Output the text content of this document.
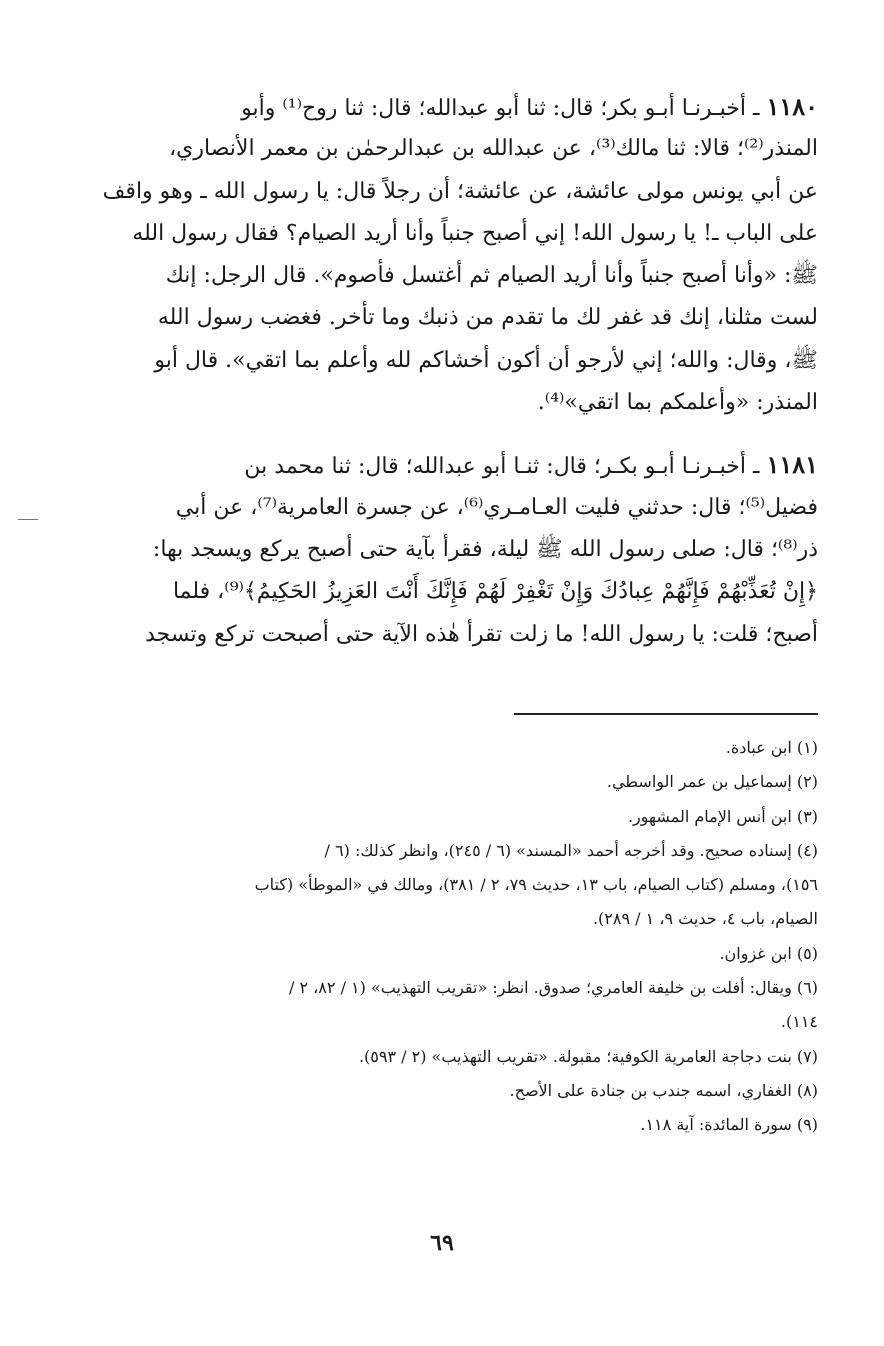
١١٨٠ ـ أخبـرنـا أبـو بكر؛ قال: ثنا أبو عبدالله؛ قال: ثنا روح⁽¹⁾ وأبو
المنذر⁽²⁾؛ قالا: ثنا مالك⁽³⁾، عن عبدالله بن عبدالرحمٰن بن معمر الأنصاري،
عن أبي يونس مولى عائشة، عن عائشة؛ أن رجلاً قال: يا رسول الله ـ وهو واقف
على الباب ـ! يا رسول الله! إني أصبح جنباً وأنا أريد الصيام؟ فقال رسول الله
ﷺ: «وأنا أصبح جنباً وأنا أريد الصيام ثم أغتسل فأصوم». قال الرجل: إنك
لست مثلنا، إنك قد غفر لك ما تقدم من ذنبك وما تأخر. فغضب رسول الله
ﷺ، وقال: والله؛ إني لأرجو أن أكون أخشاكم لله وأعلم بما اتقي». قال أبو
المنذر: «وأعلمكم بما اتقي»⁽⁴⁾.
١١٨١ ـ أخبـرنـا أبـو بكـر؛ قال: ثنـا أبو عبدالله؛ قال: ثنا محمد بن
فضيل⁽⁵⁾؛ قال: حدثني فليت العـامـري⁽⁶⁾، عن جسرة العامرية⁽⁷⁾، عن أبي
ذر⁽⁸⁾؛ قال: صلى رسول الله ﷺ ليلة، فقرأ بآية حتى أصبح يركع ويسجد بها:
﴿إِنْ تُعَذِّبْهُمْ فَإِنَّهُمْ عِبادُكَ وَإِنْ تَغْفِرْ لَهُمْ فَإِنَّكَ أَنْتَ العَزِيزُ الحَكِيمُ﴾⁽⁹⁾، فلما
أصبح؛ قلت: يا رسول الله! ما زلت تقرأ هٰذه الآية حتى أصبحت تركع وتسجد
(١) ابن عبادة.
(٢) إسماعيل بن عمر الواسطي.
(٣) ابن أنس الإمام المشهور.
(٤) إسناده صحيح. وقد أخرجه أحمد «المسند» (٦ / ٢٤٥)، وانظر كذلك: (٦ /
١٥٦)، ومسلم (كتاب الصيام، باب ١٣، حديث ٧٩، ٢ / ٣٨١)، ومالك في «الموطأ» (كتاب
الصيام، باب ٤، حديث ٩، ١ / ٢٨٩).
(٥) ابن غزوان.
(٦) ويقال: أفلت بن خليفة العامري؛ صدوق. انظر: «تقريب التهذيب» (١ / ٨٢، ٢ /
١١٤).
(٧) بنت دجاجة العامرية الكوفية؛ مقبولة. «تقريب التهذيب» (٢ / ٥٩٣).
(٨) الغفاري، اسمه جندب بن جنادة على الأصح.
(٩) سورة المائدة: آية ١١٨.
٦٩
